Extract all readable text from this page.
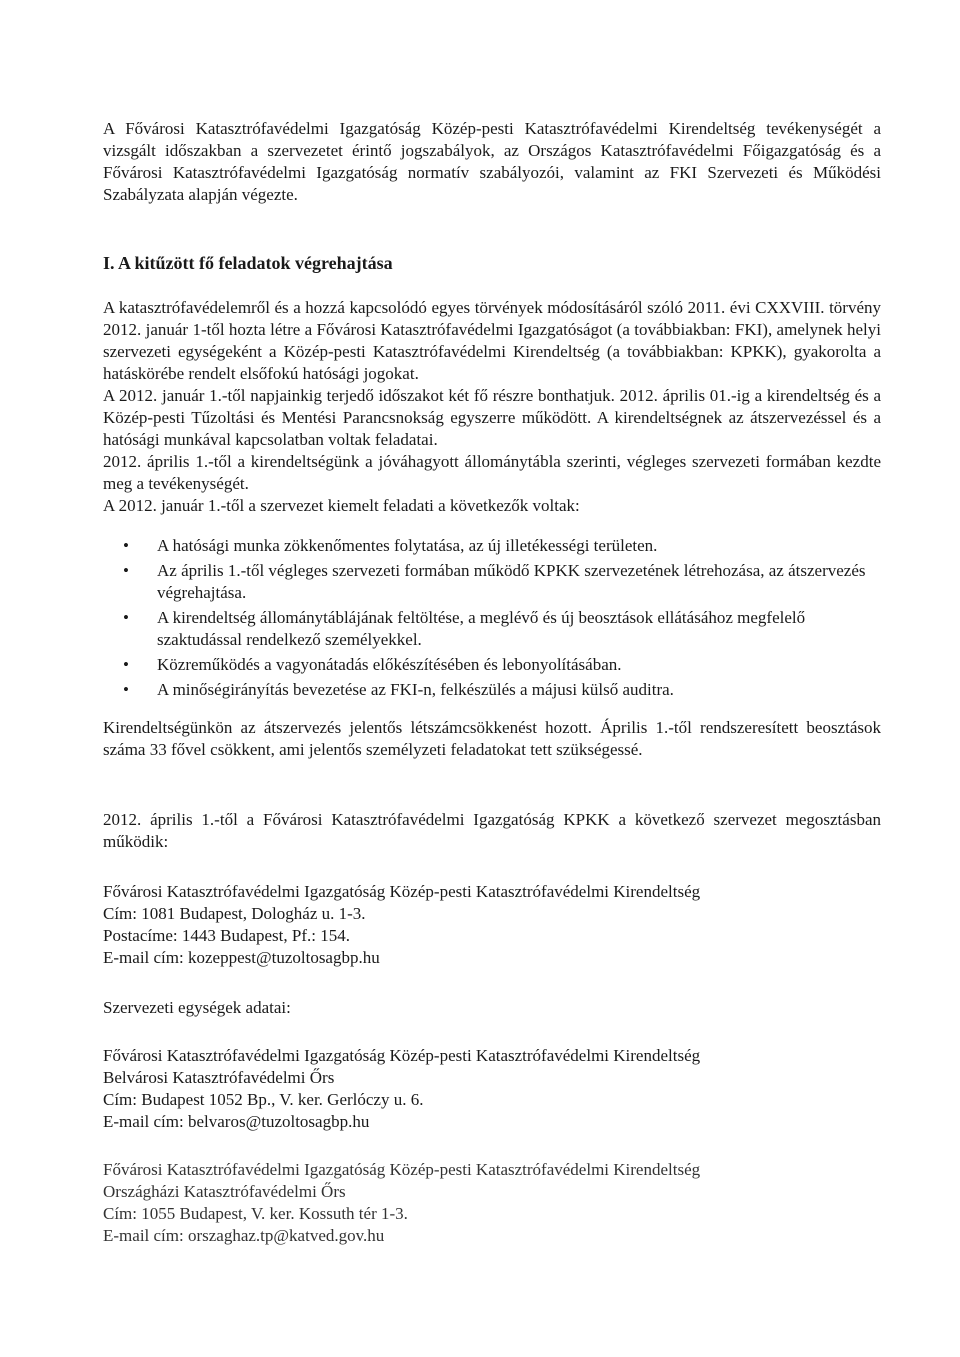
A Fővárosi Katasztrófavédelmi Igazgatóság Közép-pesti Katasztrófavédelmi Kirendeltség tevékenységét a vizsgált időszakban a szervezetet érintő jogszabályok, az Országos Katasztrófavédelmi Főigazgatóság és a Fővárosi Katasztrófavédelmi Igazgatóság normatív szabályozói, valamint az FKI Szervezeti és Működési Szabályzata alapján végezte.

I. A kitűzött fő feladatok végrehajtása

A katasztrófavédelemről és a hozzá kapcsolódó egyes törvények módosításáról szóló 2011. évi CXXVIII. törvény 2012. január 1-től hozta létre a Fővárosi Katasztrófavédelmi Igazgatóságot (a továbbiakban: FKI), amelynek helyi szervezeti egységeként a Közép-pesti Katasztrófavédelmi Kirendeltség (a továbbiakban: KPKK), gyakorolta a hatáskörébe rendelt elsőfokú hatósági jogokat.

A 2012. január 1.-től napjainkig terjedő időszakot két fő részre bonthatjuk. 2012. április 01.-ig a kirendeltség és a Közép-pesti Tűzoltási és Mentési Parancsnokság egyszerre működött. A kirendeltségnek az átszervezéssel és a hatósági munkával kapcsolatban voltak feladatai.

2012. április 1.-től a kirendeltségünk a jóváhagyott állománytábla szerinti, végleges szervezeti formában kezdte meg a tevékenységét.

A 2012. január 1.-től a szervezet kiemelt feladati a következők voltak:

• A hatósági munka zökkenőmentes folytatása, az új illetékességi területen.
• Az április 1.-től végleges szervezeti formában működő KPKK szervezetének létrehozása, az átszervezés végrehajtása.
• A kirendeltség állománytáblájának feltöltése, a meglévő és új beosztások ellátásához megfelelő szaktudással rendelkező személyekkel.
• Közreműködés a vagyonátadás előkészítésében és lebonyolításában.
• A minőségirányítás bevezetése az FKI-n, felkészülés a májusi külső auditra.

Kirendeltségünkön az átszervezés jelentős létszámcsökkenést hozott. Április 1.-től rendszeresített beosztások száma 33 fővel csökkent, ami jelentős személyzeti feladatokat tett szükségessé.

2012. április 1.-től a Fővárosi Katasztrófavédelmi Igazgatóság KPKK a következő szervezet megosztásban működik:

Fővárosi Katasztrófavédelmi Igazgatóság Közép-pesti Katasztrófavédelmi Kirendeltség
Cím: 1081 Budapest, Dologház u. 1-3.
Postacíme: 1443 Budapest, Pf.: 154.
E-mail cím: kozeppest@tuzoltosagbp.hu

Szervezeti egységek adatai:

Fővárosi Katasztrófavédelmi Igazgatóság Közép-pesti Katasztrófavédelmi Kirendeltség
Belvárosi Katasztrófavédelmi Őrs
Cím: Budapest 1052 Bp., V. ker. Gerlóczy u. 6.
E-mail cím: belvaros@tuzoltosagbp.hu
Fővárosi Katasztrófavédelmi Igazgatóság Közép-pesti Katasztrófavédelmi Kirendeltség
Országházi Katasztrófavédelmi Őrs
Cím: 1055 Budapest, V. ker. Kossuth tér 1-3.
E-mail cím: orszaghaz.tp@katved.gov.hu
